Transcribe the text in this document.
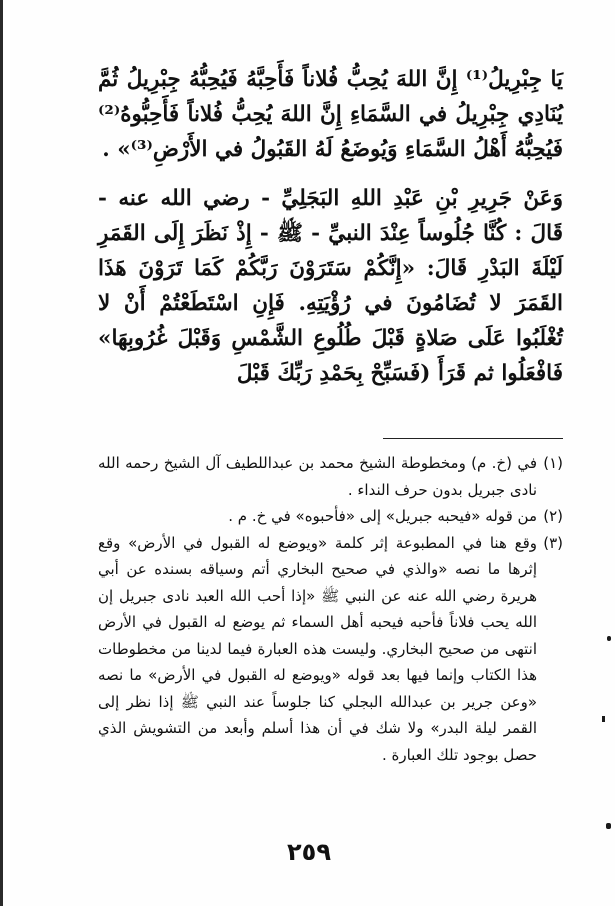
يَا جِبْرِيلُ⁽¹⁾ إِنَّ اللهَ يُحِبُّ فُلاناً فَأَحِبَّهُ فَيُحِبُّهُ جِبْرِيلُ ثُمَّ يُنَادِي جِبْرِيلُ في السَّمَاءِ إِنَّ اللهَ يُحِبُّ فُلاناً فَأَحِبُّوهُ⁽²⁾ فَيُحِبُّهُ أَهْلُ السَّمَاءِ وَيُوضَعُ لَهُ القَبُولُ في الأَرْضِ⁽³⁾» .

وَعَنْ جَرِيرِ بْنِ عَبْدِ اللهِ البَجَلِيِّ - رضي الله عنه - قَالَ : كُنَّا جُلُوساً عِنْدَ النبيِّ - ﷺ - إِذْ نَظَرَ إِلَى القَمَرِ لَيْلَةَ البَدْرِ قَالَ: «إِنَّكُمْ سَتَرَوْنَ رَبَّكُمْ كَمَا تَرَوْنَ هَذَا القَمَرَ لا تُضَامُونَ في رُؤْيَتِهِ. فَإِنِ اسْتَطَعْتُمْ أَنْ لا تُغْلَبُوا عَلَى صَلاةٍ قَبْلَ طُلُوعِ الشَّمْسِ وَقَبْلَ غُرُوبِهَا» فَافْعَلُوا ثم قَرَأَ (فَسَبِّحْ بِحَمْدِ رَبِّكَ قَبْلَ

(١)
في (خ. م) ومخطوطة الشيخ محمد بن عبداللطيف آل الشيخ رحمه الله نادى جبريل بدون حرف النداء .

(٢)
من قوله «فيحبه جبريل» إلى «فأحبوه» في خ. م .

(٣)
وقع هنا في المطبوعة إثر كلمة «ويوضع له القبول في الأرض» وقع إثرها ما نصه «والذي في صحيح البخاري أتم وسياقه بسنده عن أبي هريرة رضي الله عنه عن النبي ﷺ «إذا أحب الله العبد نادى جبريل إن الله يحب فلاناً فأحبه فيحبه أهل السماء ثم يوضع له القبول في الأرض انتهى من صحيح البخاري. وليست هذه العبارة فيما لدينا من مخطوطات هذا الكتاب وإنما فيها بعد قوله «ويوضع له القبول في الأرض» ما نصه «وعن جرير بن عبدالله البجلي كنا جلوساً عند النبي ﷺ إذا نظر إلى القمر ليلة البدر» ولا شك في أن هذا أسلم وأبعد من التشويش الذي حصل بوجود تلك العبارة .

٢٥٩
